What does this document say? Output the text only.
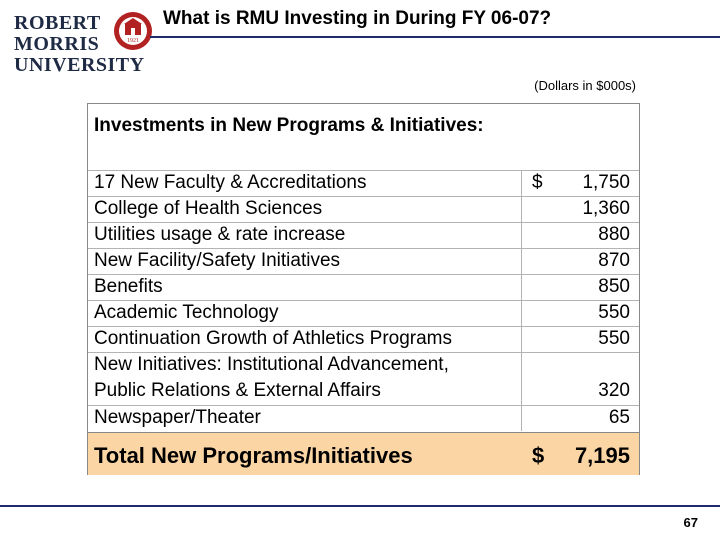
ROBERT
MORRIS
UNIVERSITY
1921
What is RMU Investing in During FY 06-07?
(Dollars in $000s)
Investments in New Programs & Initiatives:
17 New Faculty & Accreditations	$ 1,750
College of Health Sciences	1,360
Utilities usage & rate increase	880
New Facility/Safety Initiatives	870
Benefits	850
Academic Technology	550
Continuation Growth of Athletics Programs	550
New Initiatives: Institutional Advancement,
Public Relations & External Affairs	320
Newspaper/Theater	65
Total New Programs/Initiatives	$ 7,195
67
